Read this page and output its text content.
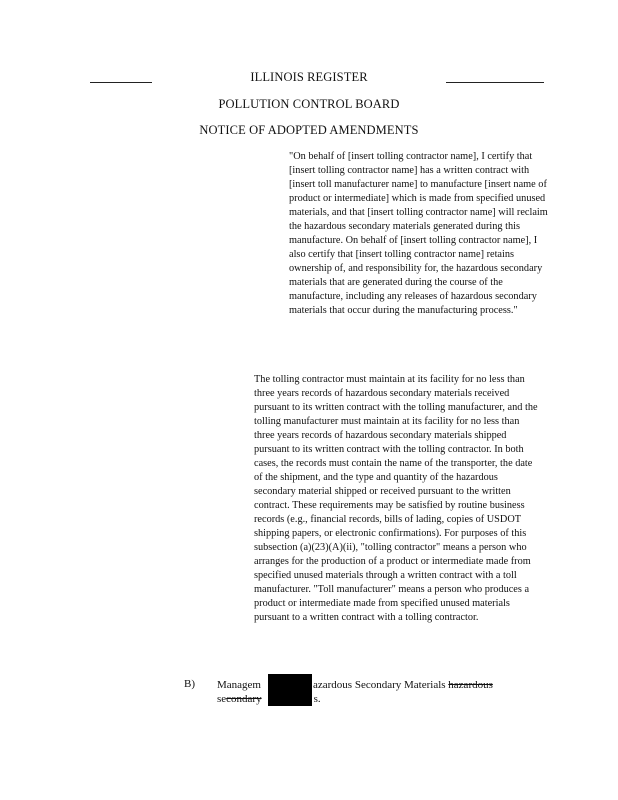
ILLINOIS REGISTER
POLLUTION CONTROL BOARD
NOTICE OF ADOPTED AMENDMENTS
"On behalf of [insert tolling contractor name], I certify that [insert tolling contractor name] has a written contract with [insert toll manufacturer name] to manufacture [insert name of product or intermediate] which is made from specified unused materials, and that [insert tolling contractor name] will reclaim the hazardous secondary materials generated during this manufacture. On behalf of [insert tolling contractor name], I also certify that [insert tolling contractor name] retains ownership of, and responsibility for, the hazardous secondary materials that are generated during the course of the manufacture, including any releases of hazardous secondary materials that occur during the manufacturing process."
The tolling contractor must maintain at its facility for no less than three years records of hazardous secondary materials received pursuant to its written contract with the tolling manufacturer, and the tolling manufacturer must maintain at its facility for no less than three years records of hazardous secondary materials shipped pursuant to its written contract with the tolling contractor. In both cases, the records must contain the name of the transporter, the date of the shipment, and the type and quantity of the hazardous secondary material shipped or received pursuant to the written contract. These requirements may be satisfied by routine business records (e.g., financial records, bills of lading, copies of USDOT shipping papers, or electronic confirmations). For purposes of this subsection (a)(23)(A)(ii), "tolling contractor" means a person who arranges for the production of a product or intermediate made from specified unused materials through a written contract with a toll manufacturer. "Toll manufacturer" means a person who produces a product or intermediate made from specified unused materials pursuant to a written contract with a tolling contractor.
B) Managem	azardous Secondary Materials hazardous
secondary	s.
